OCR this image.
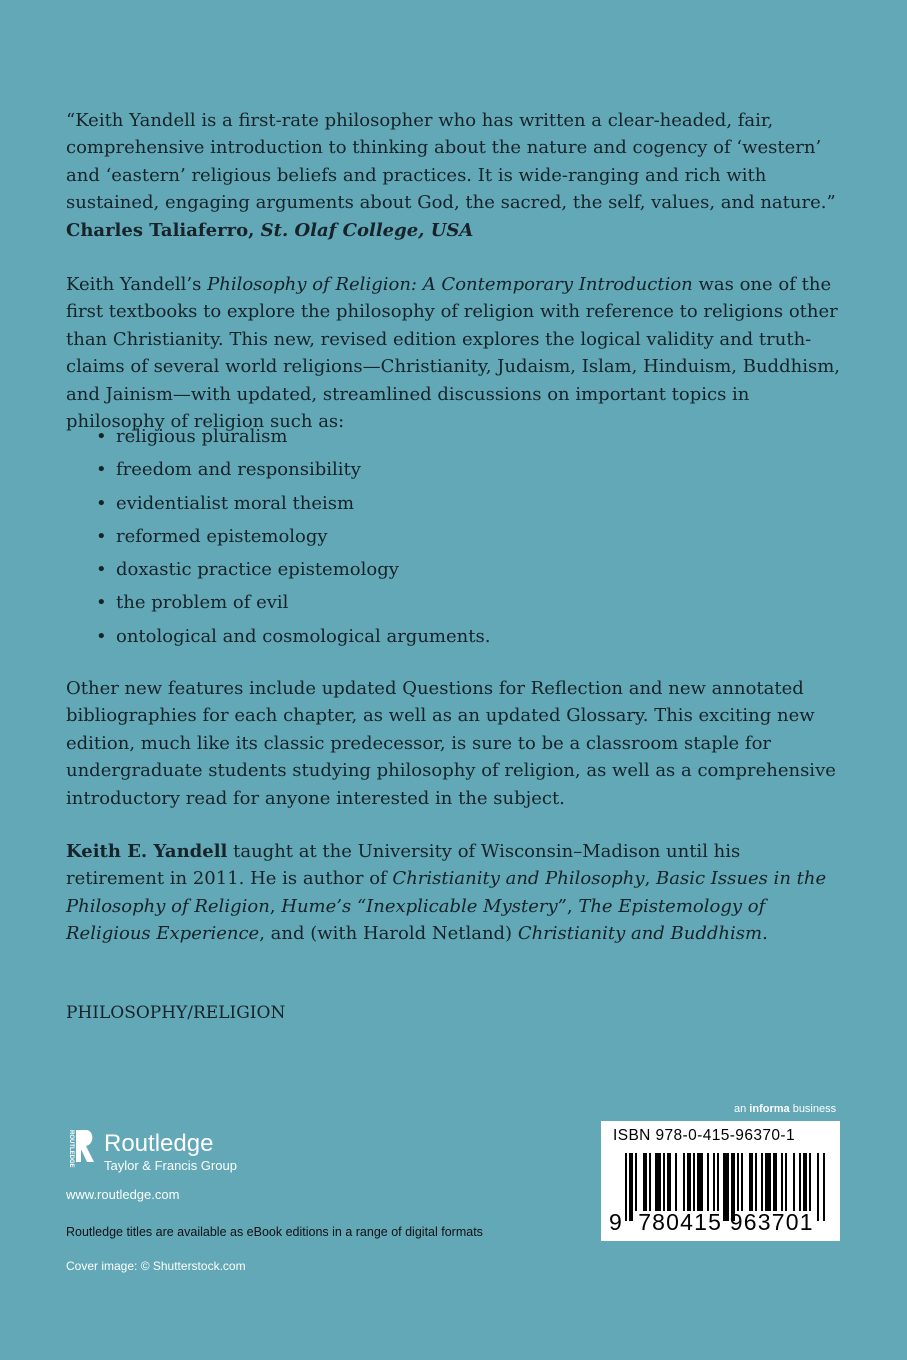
“Keith Yandell is a first-rate philosopher who has written a clear-headed, fair, comprehensive introduction to thinking about the nature and cogency of ‘western’ and ‘eastern’ religious beliefs and practices. It is wide-ranging and rich with sustained, engaging arguments about God, the sacred, the self, values, and nature.”
Charles Taliaferro, St. Olaf College, USA
Keith Yandell’s Philosophy of Religion: A Contemporary Introduction was one of the first textbooks to explore the philosophy of religion with reference to religions other than Christianity. This new, revised edition explores the logical validity and truth-claims of several world religions—Christianity, Judaism, Islam, Hinduism, Buddhism, and Jainism—with updated, streamlined discussions on important topics in philosophy of religion such as:
• religious pluralism
• freedom and responsibility
• evidentialist moral theism
• reformed epistemology
• doxastic practice epistemology
• the problem of evil
• ontological and cosmological arguments.
Other new features include updated Questions for Reflection and new annotated bibliographies for each chapter, as well as an updated Glossary. This exciting new edition, much like its classic predecessor, is sure to be a classroom staple for undergraduate students studying philosophy of religion, as well as a comprehensive introductory read for anyone interested in the subject.
Keith E. Yandell taught at the University of Wisconsin–Madison until his retirement in 2011. He is author of Christianity and Philosophy, Basic Issues in the Philosophy of Religion, Hume’s “Inexplicable Mystery”, The Epistemology of Religious Experience, and (with Harold Netland) Christianity and Buddhism.
PHILOSOPHY/RELIGION
ROUTLEDGE Routledge
Taylor & Francis Group
www.routledge.com
Routledge titles are available as eBook editions in a range of digital formats
Cover image: © Shutterstock.com
an informa business
ISBN 978-0-415-96370-1
9 780415 963701
